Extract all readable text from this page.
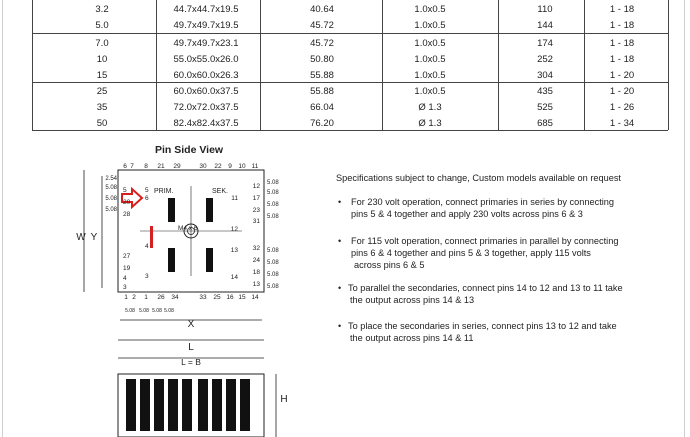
3.2	44.7x44.7x19.5	40.64	1.0x0.5	110	1 - 18
5.0	49.7x49.7x19.5	45.72	1.0x0.5	144	1 - 18
7.0	49.7x49.7x23.1	45.72	1.0x0.5	174	1 - 18
10	55.0x55.0x26.0	50.80	1.0x0.5	252	1 - 18
15	60.0x60.0x26.3	55.88	1.0x0.5	304	1 - 20
25	60.0x60.0x37.5	55.88	1.0x0.5	435	1 - 20
35	72.0x72.0x37.5	66.04	Ø 1.3	525	1 - 26
50	82.4x82.4x37.5	76.20	Ø 1.3	685	1 - 34
Pin Side View
6 7 8 21 29	30 22 9 10 11
1 2 1 26 34	33 25 16 15 14
5
20
28
27
19
4
3
5
6
4
3
12
17
23
31
32
24
18
13
11
12
13
14
2.54
5.08
5.08
5.08
5.08
5.08
5.08
5.08
5.08
5.08
5.08
5.08
5.08 5.08 5.08 5.08
PRIM.	SEK.
M4 x 6
W Y
X
L
L = B
H
Specifications subject to change, Custom models available on request
• For 230 volt operation, connect primaries in series by connecting
pins 5 & 4 together and apply 230 volts across pins 6 & 3
• For 115 volt operation, connect primaries in parallel by connecting
pins 6 & 4 together and pins 5 & 3 together, apply 115 volts
across pins 6 & 5
• To parallel the secondaries, connect pins 14 to 12 and 13 to 11 take
the output across pins 14 & 13
• To place the secondaries in series, connect pins 13 to 12 and take
the output across pins 14 & 11
